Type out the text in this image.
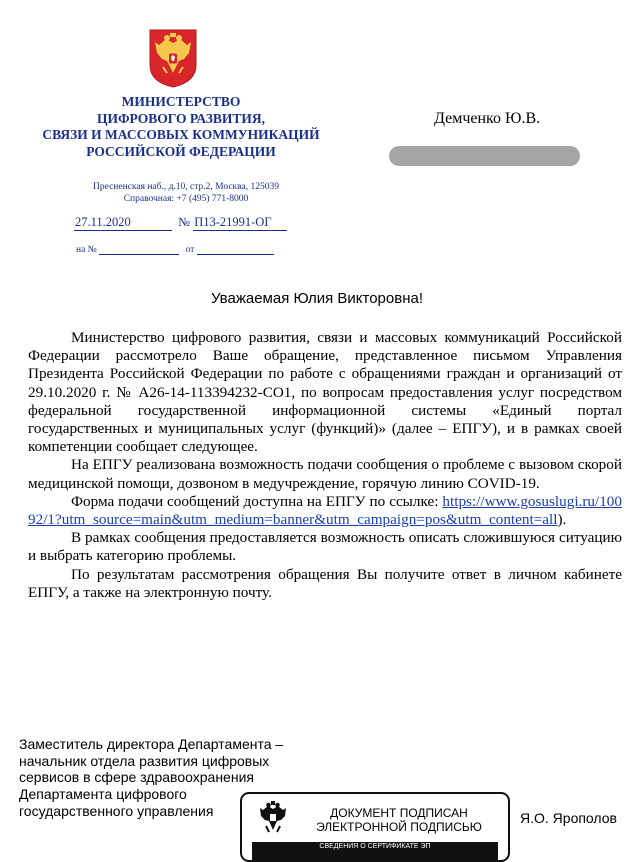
МИНИСТЕРСТВО
ЦИФРОВОГО РАЗВИТИЯ,
СВЯЗИ И МАССОВЫХ КОММУНИКАЦИЙ
РОССИЙСКОЙ ФЕДЕРАЦИИ
Пресненская наб., д.10, стр.2, Москва, 125039
Справочная: +7 (495) 771-8000
27.11.2020	№ П13-21991-ОГ
на №	от
Демченко Ю.В.
Уважаемая Юлия Викторовна!

Министерство цифрового развития, связи и массовых коммуникаций Российской Федерации рассмотрело Ваше обращение, представленное письмом Управления Президента Российской Федерации по работе с обращениями граждан и организаций от 29.10.2020 г. № А26-14-113394232-СО1, по вопросам предоставления услуг посредством федеральной государственной информационной системы «Единый портал государственных и муниципальных услуг (функций)» (далее – ЕПГУ), и в рамках своей компетенции сообщает следующее.

На ЕПГУ реализована возможность подачи сообщения о проблеме с вызовом скорой медицинской помощи, дозвоном в медучреждение, горячую линию COVID-19.

Форма подачи сообщений доступна на ЕПГУ по ссылке: https://www.gosuslugi.ru/10092/1?utm_source=main&utm_medium=banner&utm_campaign=pos&utm_content=all).

В рамках сообщения предоставляется возможность описать сложившуюся ситуацию и выбрать категорию проблемы.

По результатам рассмотрения обращения Вы получите ответ в личном кабинете ЕПГУ, а также на электронную почту.

Заместитель директора Департамента –
начальник отдела развития цифровых
сервисов в сфере здравоохранения
Департамента цифрового
государственного управления	ДОКУМЕНТ ПОДПИСАН
ЭЛЕКТРОННОЙ ПОДПИСЬЮ
СВЕДЕНИЯ О СЕРТИФИКАТЕ ЭП
Я.О. Ярополов
